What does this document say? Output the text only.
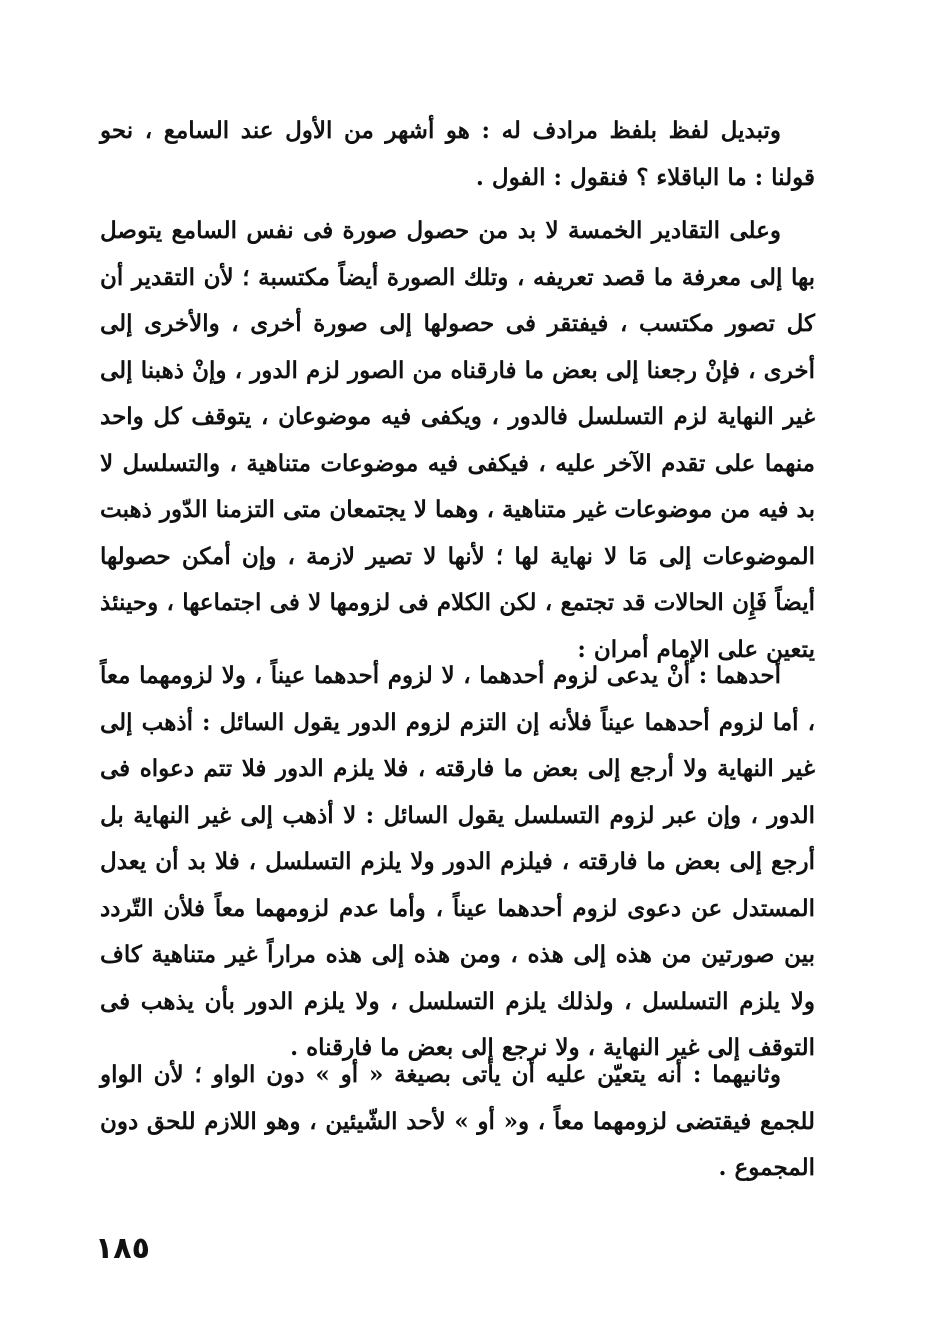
وتبديل لفظ بلفظ مرادف له : هو أشهر من الأول عند السامع ، نحو قولنا : ما الباقلاء ؟ فنقول : الفول .

وعلى التقادير الخمسة لا بد من حصول صورة فى نفس السامع يتوصل بها إلى معرفة ما قصد تعريفه ، وتلك الصورة أيضاً مكتسبة ؛ لأن التقدير أن كل تصور مكتسب ، فيفتقر فى حصولها إلى صورة أخرى ، والأخرى إلى أخرى ، فإنْ رجعنا إلى بعض ما فارقناه من الصور لزم الدور ، وإنْ ذهبنا إلى غير النهاية لزم التسلسل فالدور ، ويكفى فيه موضوعان ، يتوقف كل واحد منهما على تقدم الآخر عليه ، فيكفى فيه موضوعات متناهية ، والتسلسل لا بد فيه من موضوعات غير متناهية ، وهما لا يجتمعان متى التزمنا الدّور ذهبت الموضوعات إلى مَا لا نهاية لها ؛ لأنها لا تصير لازمة ، وإن أمكن حصولها أيضاً فَإِن الحالات قد تجتمع ، لكن الكلام فى لزومها لا فى اجتماعها ، وحينئذ يتعين على الإمام أمران :

أحدهما : أنْ يدعى لزوم أحدهما ، لا لزوم أحدهما عيناً ، ولا لزومهما معاً ، أما لزوم أحدهما عيناً فلأنه إن التزم لزوم الدور يقول السائل : أذهب إلى غير النهاية ولا أرجع إلى بعض ما فارقته ، فلا يلزم الدور فلا تتم دعواه فى الدور ، وإن عبر لزوم التسلسل يقول السائل : لا أذهب إلى غير النهاية بل أرجع إلى بعض ما فارقته ، فيلزم الدور ولا يلزم التسلسل ، فلا بد أن يعدل المستدل عن دعوى لزوم أحدهما عيناً ، وأما عدم لزومهما معاً فلأن التّردد بين صورتين من هذه إلى هذه ، ومن هذه إلى هذه مراراً غير متناهية كاف ولا يلزم التسلسل ، ولذلك يلزم التسلسل ، ولا يلزم الدور بأن يذهب فى التوقف إلى غير النهاية ، ولا نرجع إلى بعض ما فارقناه .

وثانيهما : أنه يتعيّن عليه أن يأتى بصيغة « أو » دون الواو ؛ لأن الواو للجمع فيقتضى لزومهما معاً ، و« أو » لأحد الشّيئين ، وهو اللازم للحق دون المجموع .

١٨٥
